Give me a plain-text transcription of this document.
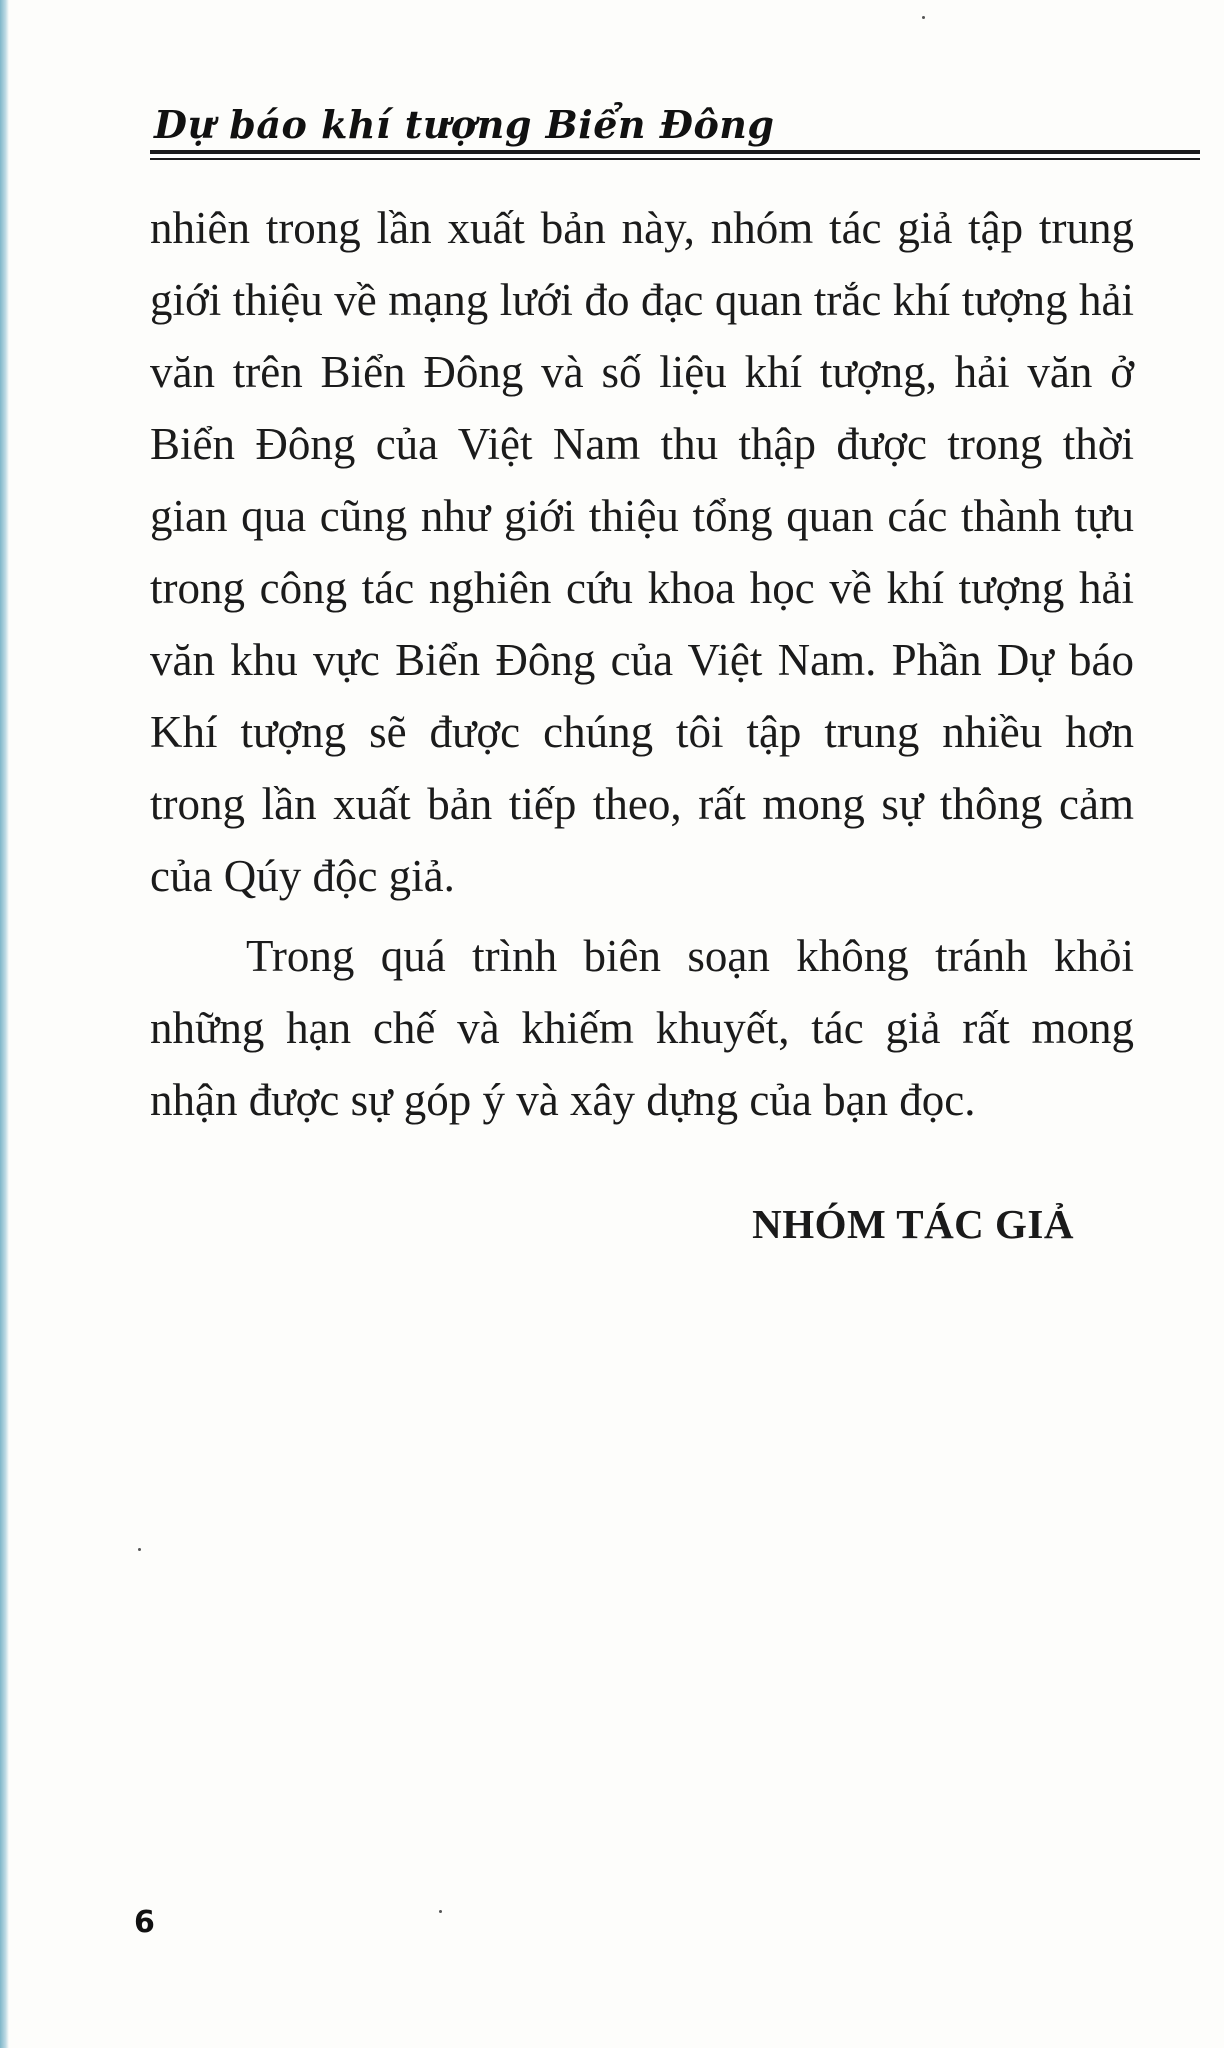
Dự báo khí tượng Biển Đông

nhiên trong lần xuất bản này, nhóm tác giả tập trung giới thiệu về mạng lưới đo đạc quan trắc khí tượng hải văn trên Biển Đông và số liệu khí tượng, hải văn ở Biển Đông của Việt Nam thu thập được trong thời gian qua cũng như giới thiệu tổng quan các thành tựu trong công tác nghiên cứu khoa học về khí tượng hải văn khu vực Biển Đông của Việt Nam. Phần Dự báo Khí tượng sẽ được chúng tôi tập trung nhiều hơn trong lần xuất bản tiếp theo, rất mong sự thông cảm của Qúy độc giả.

Trong quá trình biên soạn không tránh khỏi những hạn chế và khiếm khuyết, tác giả rất mong nhận được sự góp ý và xây dựng của bạn đọc.

NHÓM TÁC GIẢ
6
